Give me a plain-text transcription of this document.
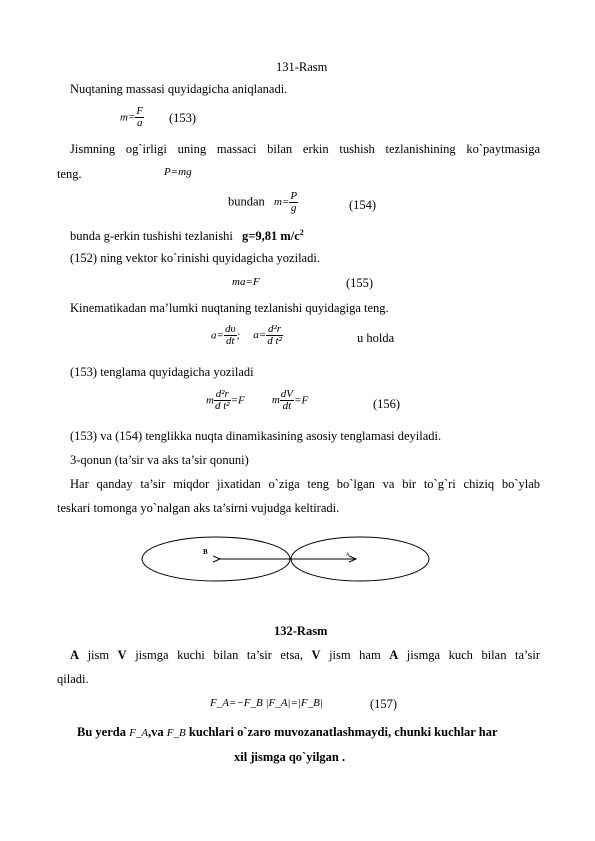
131-Rasm
Nuqtaning massasi quyidagicha aniqlanadi.
$m= \frac{F}{a} (153)$
Jismning og`irligi uning massaci bilan erkin tushish tezlanishining ko`paytmasiga
teng.	P=mg
bundan $m= \frac{P}{g}$	(154)
bunda g-erkin tushishi tezlanishi g=9,81 $m/c^2$
(152) ning vektor ko`rinishi quyidagicha yoziladi.
ma=F	(155)
Kinematikadan ma’lumki nuqtaning tezlanishi quyidagiga teng.
$a= \frac{d\upsilon}{dt}$ ; $a= \frac{\text{d²r}}{\text{d t²}}$	u holda
(153) tenglama quyidagicha yoziladi
m $\frac{\text{d²r}}{\text{d t²}} =F$ m $\frac{dV}{dt} =F$	(156)
(153) va (154) tenglikka nuqta dinamikasining asosiy tenglamasi deyiladi.
3-qonun (ta’sir va aks ta’sir qonuni)
Har qanday ta’sir miqdor jixatidan o`ziga teng bo`lgan va bir to`g`ri chiziq bo`ylab
teskari tomonga yo`nalgan aks ta’sirni vujudga keltiradi.
B	A
132-Rasm
A jism V jismga kuchi bilan ta’sir etsa, V jism ham A jismga kuch bilan ta’sir
qiladi.
F_A=−F_B |F_A|=|F_B|	(157)
Bu yerda F_A,va F_B kuchlari o`zaro muvozanatlashmaydi, chunki kuchlar har
xil jismga qo`yilgan .
